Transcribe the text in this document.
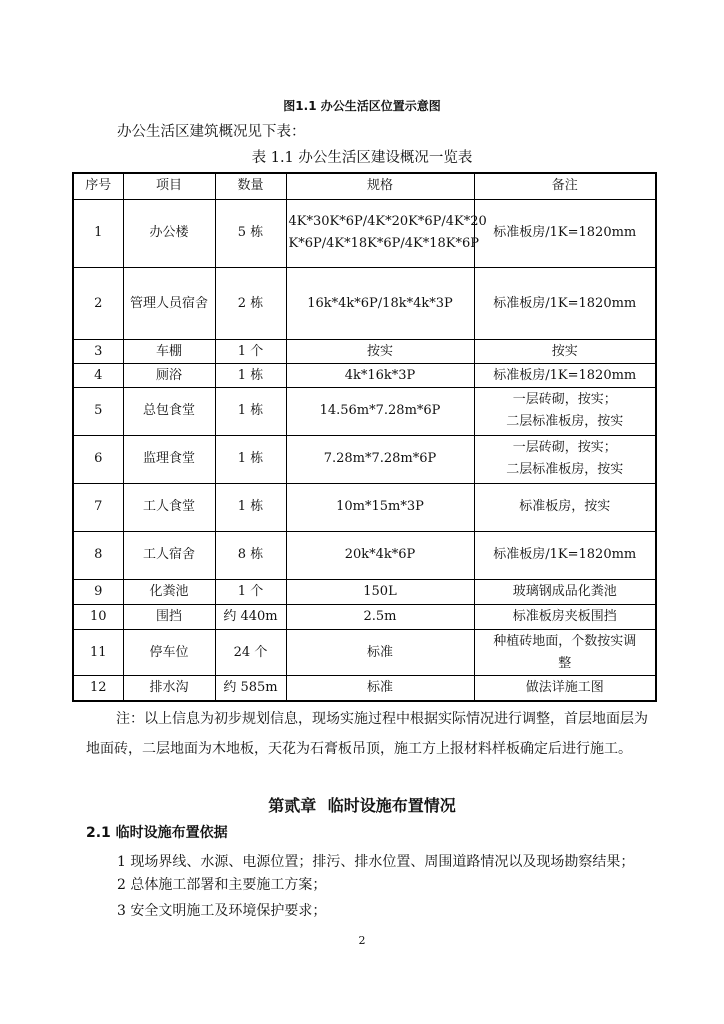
图1.1 办公生活区位置示意图
办公生活区建筑概况见下表：
表 1.1 办公生活区建设概况一览表
序号	项目	数量	规格	备注
1	办公楼	5 栋	4K*30K*6P/4K*20K*6P/4K*20
K*6P/4K*18K*6P/4K*18K*6P	标准板房/1K=1820mm
2	管理人员宿舍	2 栋	16k*4k*6P/18k*4k*3P	标准板房/1K=1820mm
3	车棚	1 个	按实	按实
4	厕浴	1 栋	4k*16k*3P	标准板房/1K=1820mm
5	总包食堂	1 栋	14.56m*7.28m*6P	一层砖砌，按实；
二层标准板房，按实
6	监理食堂	1 栋	7.28m*7.28m*6P	一层砖砌，按实；
二层标准板房，按实
7	工人食堂	1 栋	10m*15m*3P	标准板房，按实
8	工人宿舍	8 栋	20k*4k*6P	标准板房/1K=1820mm
9	化粪池	1 个	150L	玻璃钢成品化粪池
10	围挡	约 440m	2.5m	标准板房夹板围挡
11	停车位	24 个	标准	种植砖地面，个数按实调
整
12	排水沟	约 585m	标准	做法详施工图
注：以上信息为初步规划信息，现场实施过程中根据实际情况进行调整，首层地面层为地面砖，二层地面为木地板，天花为石膏板吊顶，施工方上报材料样板确定后进行施工。
第贰章 临时设施布置情况
2.1 临时设施布置依据
1 现场界线、水源、电源位置；排污、排水位置、周围道路情况以及现场勘察结果；
2 总体施工部署和主要施工方案；
3 安全文明施工及环境保护要求；
2
